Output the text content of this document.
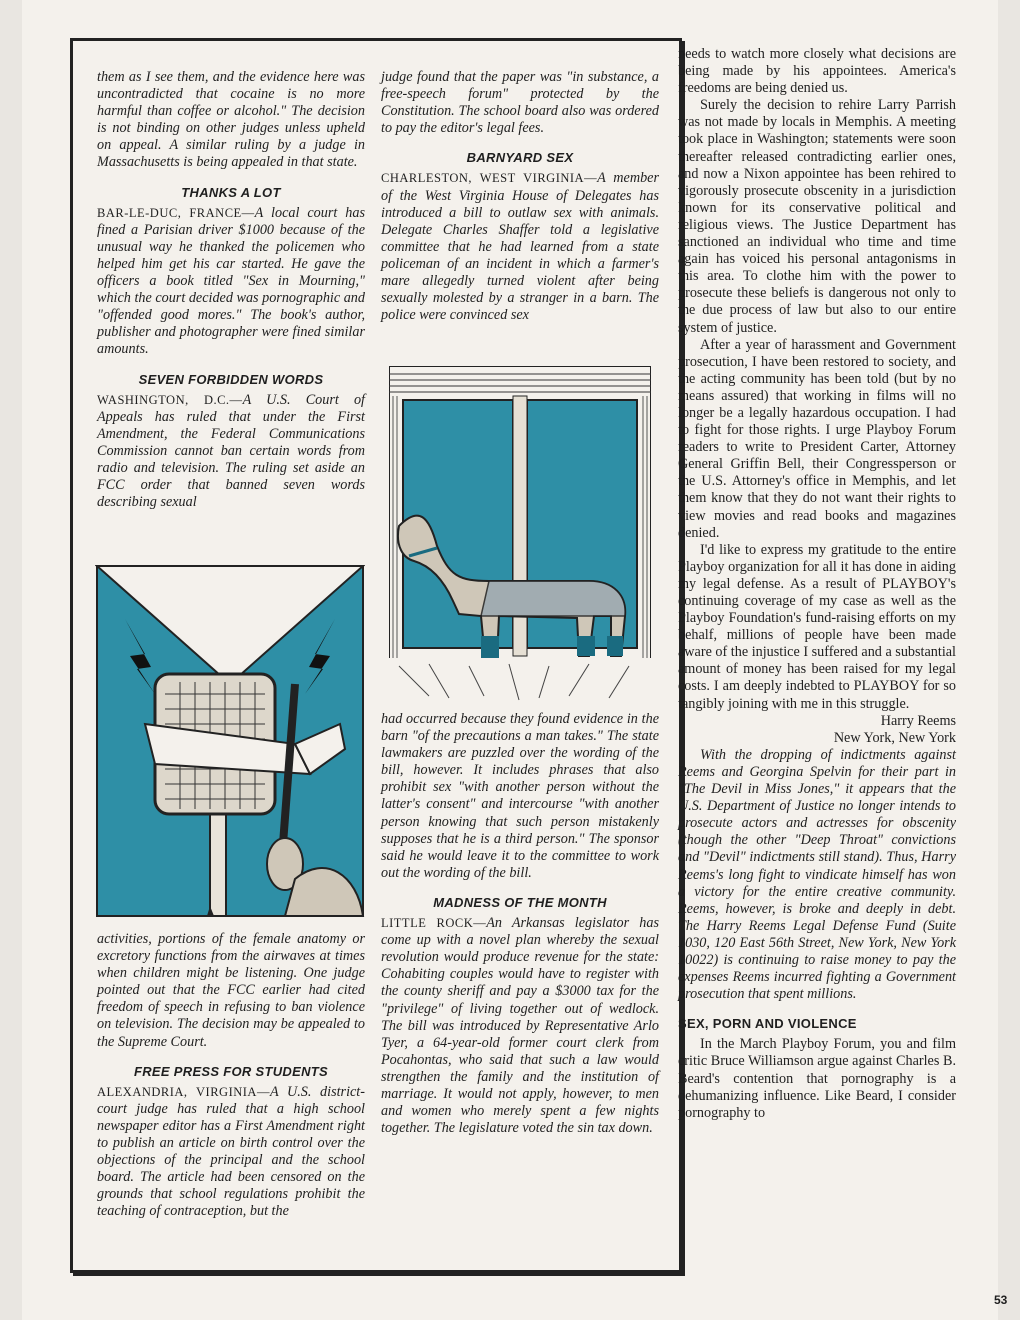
them as I see them, and the evidence here was uncontradicted that cocaine is no more harmful than coffee or alcohol." The decision is not binding on other judges unless upheld on appeal. A similar ruling by a judge in Massachusetts is being appealed in that state.

THANKS A LOT

BAR-LE-DUC, FRANCE—A local court has fined a Parisian driver $1000 because of the unusual way he thanked the policemen who helped him get his car started. He gave the officers a book titled "Sex in Mourning," which the court decided was pornographic and "offended good mores." The book's author, publisher and photographer were fined similar amounts.

SEVEN FORBIDDEN WORDS

WASHINGTON, D.C.—A U.S. Court of Appeals has ruled that under the First Amendment, the Federal Communications Commission cannot ban certain words from radio and television. The ruling set aside an FCC order that banned seven words describing sexual

activities, portions of the female anatomy or excretory functions from the airwaves at times when children might be listening. One judge pointed out that the FCC earlier had cited freedom of speech in refusing to ban violence on television. The decision may be appealed to the Supreme Court.

FREE PRESS FOR STUDENTS

ALEXANDRIA, VIRGINIA—A U.S. district-court judge has ruled that a high school newspaper editor has a First Amendment right to publish an article on birth control over the objections of the principal and the school board. The article had been censored on the grounds that school regulations prohibit the teaching of contraception, but the

judge found that the paper was "in substance, a free-speech forum" protected by the Constitution. The school board also was ordered to pay the editor's legal fees.

BARNYARD SEX

CHARLESTON, WEST VIRGINIA—A member of the West Virginia House of Delegates has introduced a bill to outlaw sex with animals. Delegate Charles Shaffer told a legislative committee that he had learned from a state policeman of an incident in which a farmer's mare allegedly turned violent after being sexually molested by a stranger in a barn. The police were convinced sex

had occurred because they found evidence in the barn "of the precautions a man takes." The state lawmakers are puzzled over the wording of the bill, however. It includes phrases that also prohibit sex "with another person without the latter's consent" and intercourse "with another person knowing that such person mistakenly supposes that he is a third person." The sponsor said he would leave it to the committee to work out the wording of the bill.

MADNESS OF THE MONTH

LITTLE ROCK—An Arkansas legislator has come up with a novel plan whereby the sexual revolution would produce revenue for the state: Cohabiting couples would have to register with the county sheriff and pay a $3000 tax for the "privilege" of living together out of wedlock. The bill was introduced by Representative Arlo Tyer, a 64-year-old former court clerk from Pocahontas, who said that such a law would strengthen the family and the institution of marriage. It would not apply, however, to men and women who merely spent a few nights together. The legislature voted the sin tax down.

needs to watch more closely what decisions are being made by his appointees. America's freedoms are being denied us.

Surely the decision to rehire Larry Parrish was not made by locals in Memphis. A meeting took place in Washington; statements were soon thereafter released contradicting earlier ones, and now a Nixon appointee has been rehired to vigorously prosecute obscenity in a jurisdiction known for its conservative political and religious views. The Justice Department has sanctioned an individual who time and time again has voiced his personal antagonisms in this area. To clothe him with the power to prosecute these beliefs is dangerous not only to the due process of law but also to our entire system of justice.

After a year of harassment and Government prosecution, I have been restored to society, and the acting community has been told (but by no means assured) that working in films will no longer be a legally hazardous occupation. I had to fight for those rights. I urge Playboy Forum readers to write to President Carter, Attorney General Griffin Bell, their Congressperson or the U.S. Attorney's office in Memphis, and let them know that they do not want their rights to view movies and read books and magazines denied.

I'd like to express my gratitude to the entire Playboy organization for all it has done in aiding my legal defense. As a result of PLAYBOY's continuing coverage of my case as well as the Playboy Foundation's fund-raising efforts on my behalf, millions of people have been made aware of the injustice I suffered and a substantial amount of money has been raised for my legal costs. I am deeply indebted to PLAYBOY for so tangibly joining with me in this struggle.

Harry Reems

New York, New York

With the dropping of indictments against Reems and Georgina Spelvin for their part in "The Devil in Miss Jones," it appears that the U.S. Department of Justice no longer intends to prosecute actors and actresses for obscenity (though the other "Deep Throat" convictions and "Devil" indictments still stand). Thus, Harry Reems's long fight to vindicate himself has won a victory for the entire creative community. Reems, however, is broke and deeply in debt. The Harry Reems Legal Defense Fund (Suite 1030, 120 East 56th Street, New York, New York 10022) is continuing to raise money to pay the expenses Reems incurred fighting a Government prosecution that spent millions.

SEX, PORN AND VIOLENCE

In the March Playboy Forum, you and film critic Bruce Williamson argue against Charles B. Beard's contention that pornography is a dehumanizing influence. Like Beard, I consider pornography to

53
